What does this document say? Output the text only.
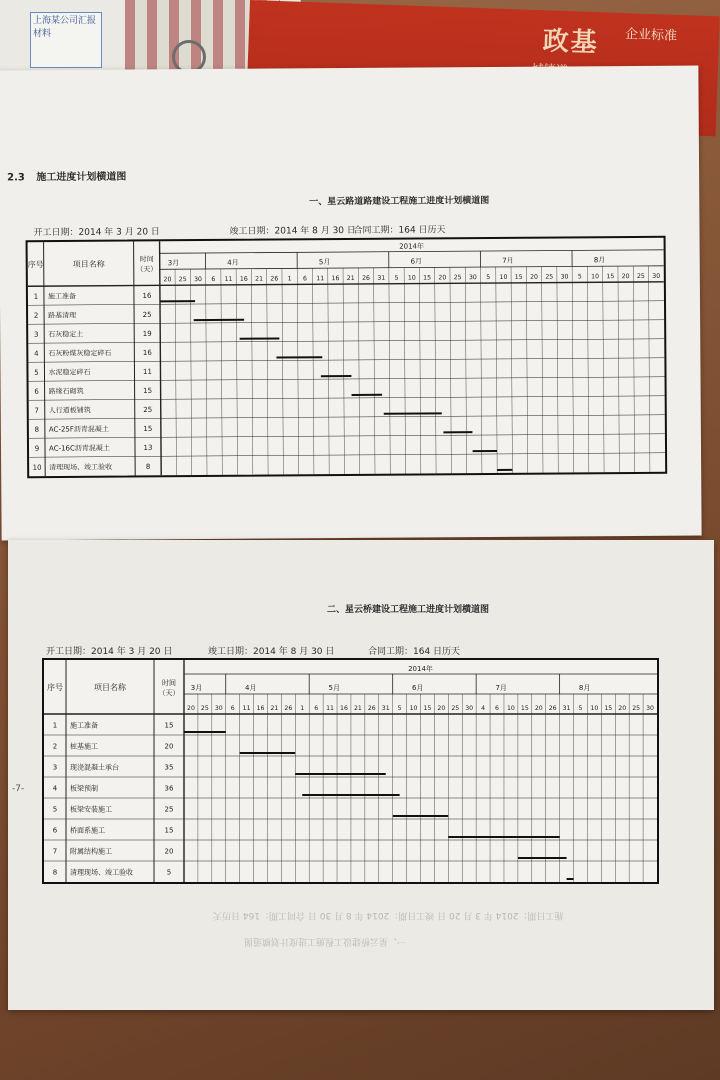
上海某公司汇报材料	政基 企业标准
2.3 施工进度计划横道图
一、星云路道路建设工程施工进度计划横道图
开工日期：2014 年 3 月 20 日	竣工日期：2014 年 8 月 30 日
合同工期：164 日历天
序号	项目名称
时间
（天）
2014年
3月	4月	5月	6月	7月	8月
20 25 30 6 11 16 21 26 1 6 11 16 21 26 31 5 10 15 20 25 30 5 10 15 20 25 30 5 10 15 20 25 30
1 施工准备	16
2 路基清理	25
3 石灰稳定土	19
4 石灰粉煤灰稳定碎石	16
5 水泥稳定碎石	11
6 路缘石砌筑	15
7 人行道板铺筑	25
8 AC-25F沥青混凝土	15
9 AC-16C沥青混凝土	13
10 清理现场、竣工验收	8
-7-
二、星云桥建设工程施工进度计划横道图
开工日期：2014 年 3 月 20 日	竣工日期：2014 年 8 月 30 日	合同工期：164 日历天
序号	项目名称	时间
（天）
2014年
3月	4月	5月	6月	7月	8月
20 25 30 6 11 16 21 26 1 6 11 16 21 26 31 5 10 15 20 25 30 4 6 10 15 20 26 31 5 10 15 20 25 30
1 施工准备	15
2 桩基施工	20
3 现浇混凝土承台	35
4 板梁预制	36
5 板梁安装施工	25
6 桥面系施工	15
7 附属结构施工	20
8 清理现场、竣工验收	5
一、星云桥建设工程施工进度计划横道图
施工日期：2014 年 3 月 20 日 竣工日期：2014 年 8 月 30 日 合同工期：164 日历天
